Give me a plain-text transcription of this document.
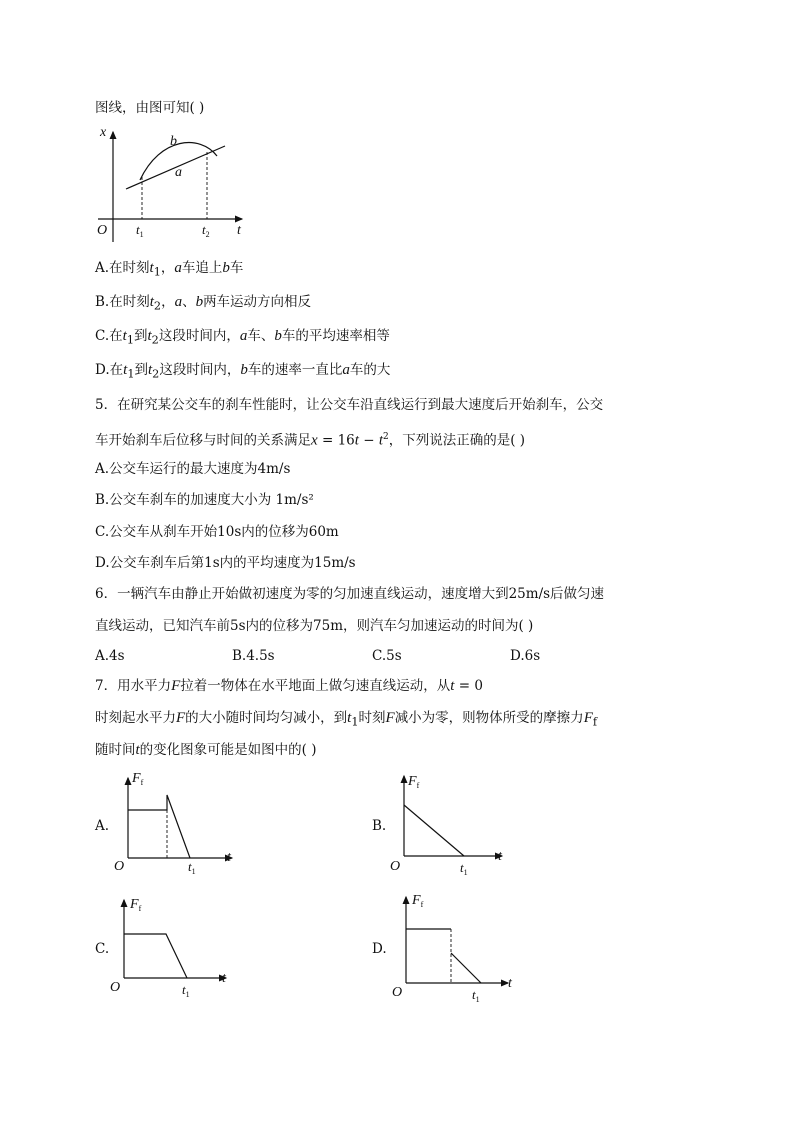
图线，由图可知( )
x
t
O
b
a
$t_1$	$t_2$
A.在时刻$t_1$，a车追上b车
B.在时刻$t_2$，a、b两车运动方向相反
C.在$t_1$到$t_2$这段时间内，a车、b车的平均速率相等
D.在$t_1$到$t_2$这段时间内，b车的速率一直比a车的大
5．在研究某公交车的刹车性能时，让公交车沿直线运行到最大速度后开始刹车，公交
车开始刹车后位移与时间的关系满足$x = 16t - t^2$，下列说法正确的是( )
A.公交车运行的最大速度为4m/s
B.公交车刹车的加速度大小为 1m/s²
C.公交车从刹车开始10s内的位移为60m
D.公交车刹车后第1s内的平均速度为15m/s
6．一辆汽车由静止开始做初速度为零的匀加速直线运动，速度增大到25m/s后做匀速
直线运动，已知汽车前5s内的位移为75m，则汽车匀加速运动的时间为( )
A.4s	B.4.5s	C.5s	D.6s
7．用水平力F拉着一物体在水平地面上做匀速直线运动，从t = 0
时刻起水平力F的大小随时间均匀减小，到$t_1$时刻F减小为零，则物体所受的摩擦力$F_f$
随时间t的变化图象可能是如图中的( )
A.
$F_f$
t
O	$t_1$
B.
$F_f$
t
O	$t_1$
C.
$F_f$
t
O	$t_1$
D.
$F_f$
t
O	$t_1$
